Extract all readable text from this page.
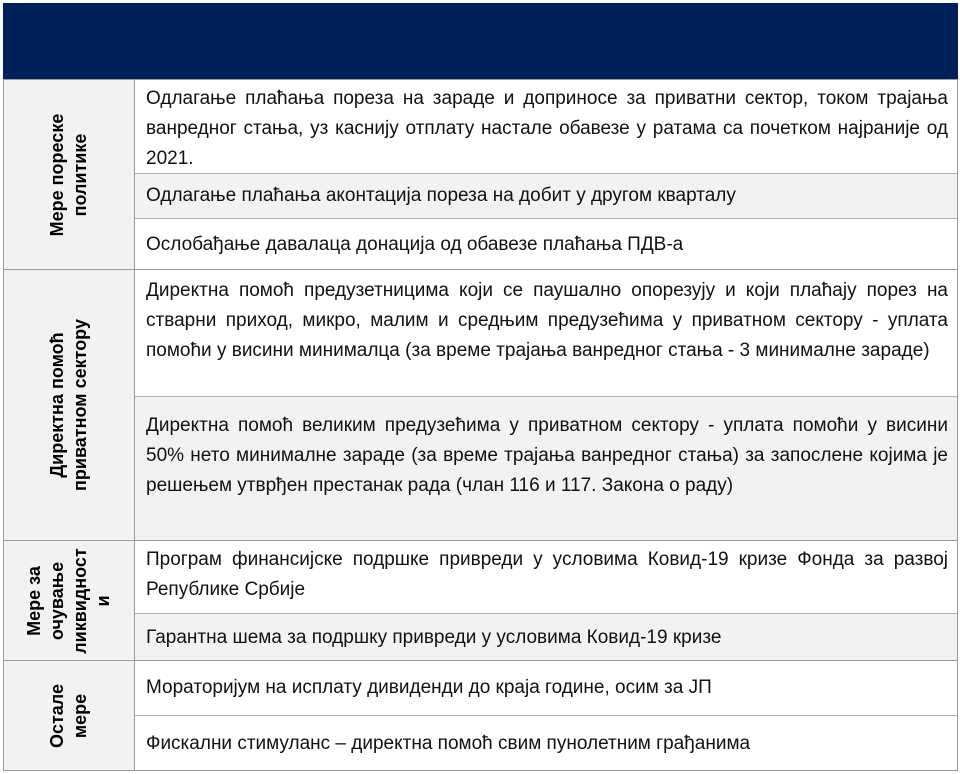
Мере пореске
политике
Одлагање плаћања пореза на зараде и доприносе за приватни сектор, током трајања ванредног стања, уз каснију отплату настале обавезе у ратама са почетком најраније од 2021.
Одлагање плаћања аконтација пореза на добит у другом кварталу
Ослобађање давалаца донација од обавезе плаћања ПДВ-а
Директна помоћ
приватном сектору
Директна помоћ предузетницима који се паушално опорезују и који плаћају порез на стварни приход, микро, малим и средњим предузећима у приватном сектору - уплата помоћи у висини минималца (за време трајања ванредног стања - 3 минималне зараде)
Директна помоћ великим предузећима у приватном сектору - уплата помоћи у висини 50% нето минималне зараде (за време трајања ванредног стања) за запослене којима је решењем утврђен престанак рада (члан 116 и 117. Закона о раду)
Мере за
очување
ликвидност
и
Програм финансијске подршке привреди у условима Ковид-19 кризе Фонда за развој Републике Србије
Гарантна шема за подршку привреди у условима Ковид-19 кризе
Остале
мере
Мораторијум на исплату дивиденди до краја године, осим за ЈП
Фискални стимуланс – директна помоћ свим пунолетним грађанима
